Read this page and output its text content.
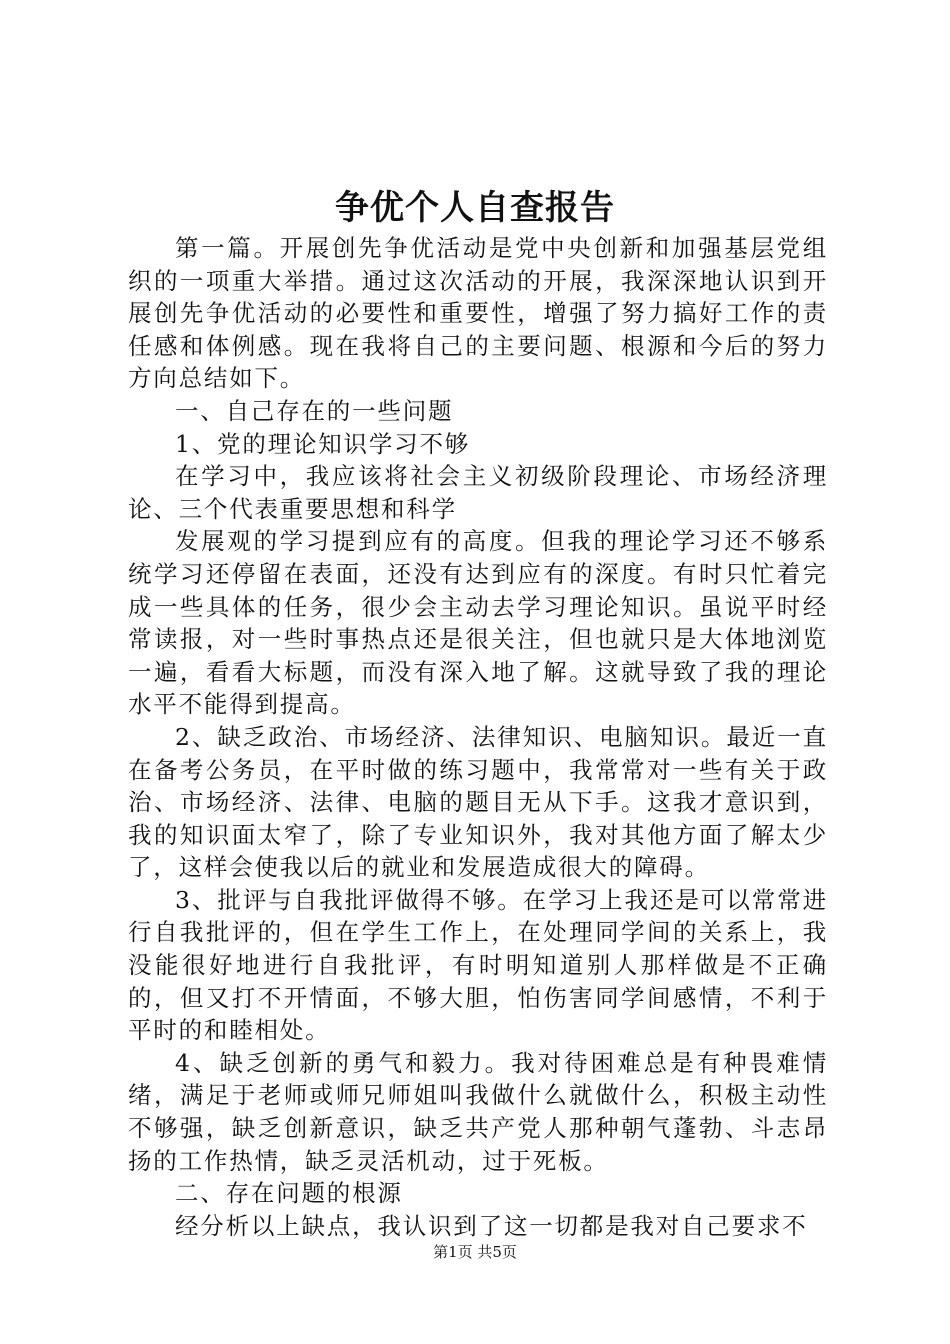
争优个人自查报告

第一篇。开展创先争优活动是党中央创新和加强基层党组织的一项重大举措。通过这次活动的开展，我深深地认识到开展创先争优活动的必要性和重要性，增强了努力搞好工作的责任感和体例感。现在我将自己的主要问题、根源和今后的努力方向总结如下。

一、自己存在的一些问题

1、党的理论知识学习不够

在学习中，我应该将社会主义初级阶段理论、市场经济理论、三个代表重要思想和科学

发展观的学习提到应有的高度。但我的理论学习还不够系统学习还停留在表面，还没有达到应有的深度。有时只忙着完成一些具体的任务，很少会主动去学习理论知识。虽说平时经常读报，对一些时事热点还是很关注，但也就只是大体地浏览一遍，看看大标题，而没有深入地了解。这就导致了我的理论水平不能得到提高。

2、缺乏政治、市场经济、法律知识、电脑知识。最近一直在备考公务员，在平时做的练习题中，我常常对一些有关于政治、市场经济、法律、电脑的题目无从下手。这我才意识到，我的知识面太窄了，除了专业知识外，我对其他方面了解太少了，这样会使我以后的就业和发展造成很大的障碍。

3、批评与自我批评做得不够。在学习上我还是可以常常进行自我批评的，但在学生工作上，在处理同学间的关系上，我没能很好地进行自我批评，有时明知道别人那样做是不正确的，但又打不开情面，不够大胆，怕伤害同学间感情，不利于平时的和睦相处。

4、缺乏创新的勇气和毅力。我对待困难总是有种畏难情绪，满足于老师或师兄师姐叫我做什么就做什么，积极主动性不够强，缺乏创新意识，缺乏共产党人那种朝气蓬勃、斗志昂扬的工作热情，缺乏灵活机动，过于死板。

二、存在问题的根源

经分析以上缺点，我认识到了这一切都是我对自己要求不

第1页 共5页
